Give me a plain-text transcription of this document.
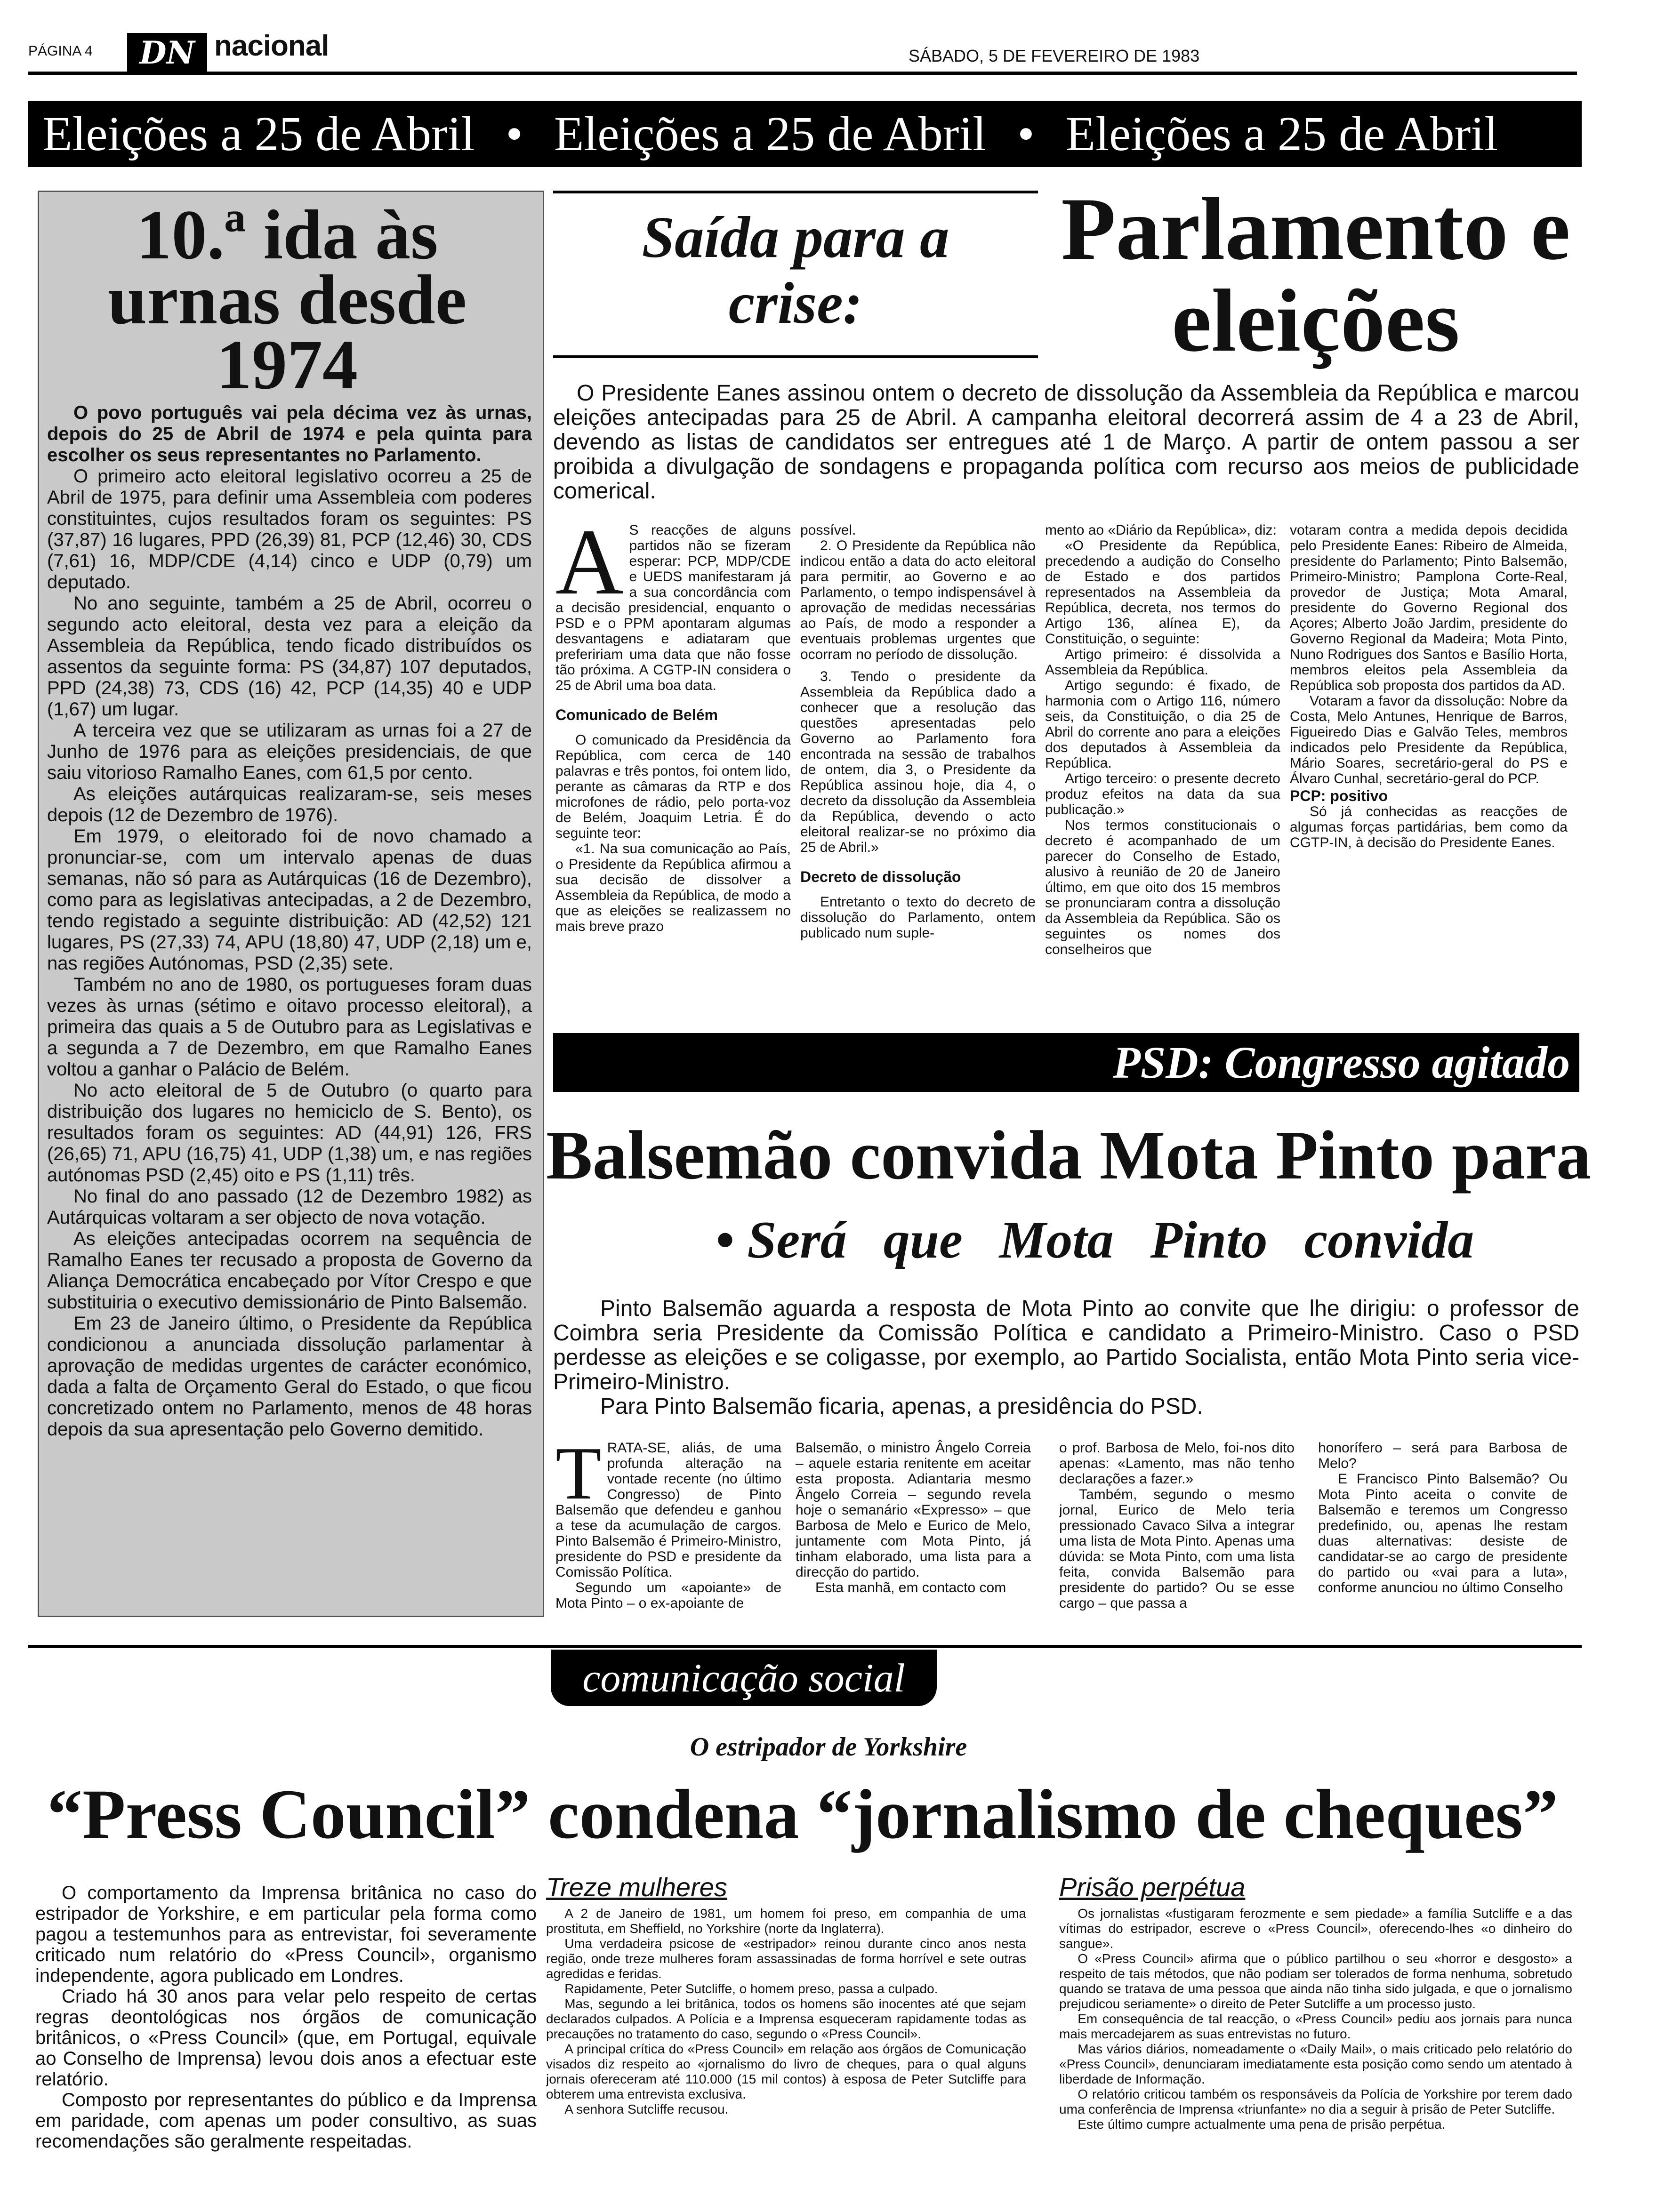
PÁGINA 4	DN nacional	SÁBADO, 5 DE FEVEREIRO DE 1983
Eleições a 25 de Abril • Eleições a 25 de Abril • Eleições a 25 de Abril
10.ª ida às urnas desde 1974

O povo português vai pela décima vez às urnas, depois do 25 de Abril de 1974 e pela quinta para escolher os seus representantes no Parlamento.

O primeiro acto eleitoral legislativo ocorreu a 25 de Abril de 1975, para definir uma Assembleia com poderes constituintes, cujos resultados foram os seguintes: PS (37,87) 16 lugares, PPD (26,39) 81, PCP (12,46) 30, CDS (7,61) 16, MDP/CDE (4,14) cinco e UDP (0,79) um deputado.

No ano seguinte, também a 25 de Abril, ocorreu o segundo acto eleitoral, desta vez para a eleição da Assembleia da República, tendo ficado distribuídos os assentos da seguinte forma: PS (34,87) 107 deputados, PPD (24,38) 73, CDS (16) 42, PCP (14,35) 40 e UDP (1,67) um lugar.

A terceira vez que se utilizaram as urnas foi a 27 de Junho de 1976 para as eleições presidenciais, de que saiu vitorioso Ramalho Eanes, com 61,5 por cento.

As eleições autárquicas realizaram-se, seis meses depois (12 de Dezembro de 1976).

Em 1979, o eleitorado foi de novo chamado a pronunciar-se, com um intervalo apenas de duas semanas, não só para as Autárquicas (16 de Dezembro), como para as legislativas antecipadas, a 2 de Dezembro, tendo registado a seguinte distribuição: AD (42,52) 121 lugares, PS (27,33) 74, APU (18,80) 47, UDP (2,18) um e, nas regiões Autónomas, PSD (2,35) sete.

Também no ano de 1980, os portugueses foram duas vezes às urnas (sétimo e oitavo processo eleitoral), a primeira das quais a 5 de Outubro para as Legislativas e a segunda a 7 de Dezembro, em que Ramalho Eanes voltou a ganhar o Palácio de Belém.

No acto eleitoral de 5 de Outubro (o quarto para distribuição dos lugares no hemiciclo de S. Bento), os resultados foram os seguintes: AD (44,91) 126, FRS (26,65) 71, APU (16,75) 41, UDP (1,38) um, e nas regiões autónomas PSD (2,45) oito e PS (1,11) três.

No final do ano passado (12 de Dezembro 1982) as Autárquicas voltaram a ser objecto de nova votação.

As eleições antecipadas ocorrem na sequência de Ramalho Eanes ter recusado a proposta de Governo da Aliança Democrática encabeçado por Vítor Crespo e que substituiria o executivo demissionário de Pinto Balsemão.

Em 23 de Janeiro último, o Presidente da República condicionou a anunciada dissolução parlamentar à aprovação de medidas urgentes de carácter económico, dada a falta de Orçamento Geral do Estado, o que ficou concretizado ontem no Parlamento, menos de 48 horas depois da sua apresentação pelo Governo demitido.

Saída para a crise:
Parlamento e eleições
O Presidente Eanes assinou ontem o decreto de dissolução da Assembleia da República e marcou eleições antecipadas para 25 de Abril. A campanha eleitoral decorrerá assim de 4 a 23 de Abril, devendo as listas de candidatos ser entregues até 1 de Março. A partir de ontem passou a ser proibida a divulgação de sondagens e propaganda política com recurso aos meios de publicidade comerical.

A S reacções de alguns partidos não se fizeram esperar: PCP, MDP/CDE e UEDS manifestaram já a sua concordância com a decisão presidencial, enquanto o PSD e o PPM apontaram algumas desvantagens e adiataram que prefeririam uma data que não fosse tão próxima. A CGTP-IN considera o 25 de Abril uma boa data.

Comunicado de Belém

O comunicado da Presidência da República, com cerca de 140 palavras e três pontos, foi ontem lido, perante as câmaras da RTP e dos microfones de rádio, pelo porta-voz de Belém, Joaquim Letria. É do seguinte teor:

«1. Na sua comunicação ao País, o Presidente da República afirmou a sua decisão de dissolver a Assembleia da República, de modo a que as eleições se realizassem no mais breve prazo

possível.

2. O Presidente da República não indicou então a data do acto eleitoral para permitir, ao Governo e ao Parlamento, o tempo indispensável à aprovação de medidas necessárias ao País, de modo a responder a eventuais problemas urgentes que ocorram no período de dissolução.

3. Tendo o presidente da Assembleia da República dado a conhecer que a resolução das questões apresentadas pelo Governo ao Parlamento fora encontrada na sessão de trabalhos de ontem, dia 3, o Presidente da República assinou hoje, dia 4, o decreto da dissolução da Assembleia da República, devendo o acto eleitoral realizar-se no próximo dia 25 de Abril.»

Decreto de dissolução

Entretanto o texto do decreto de dissolução do Parlamento, ontem publicado num suple-

mento ao «Diário da República», diz:

«O Presidente da República, precedendo a audição do Conselho de Estado e dos partidos representados na Assembleia da República, decreta, nos termos do Artigo 136, alínea E), da Constituição, o seguinte:

Artigo primeiro: é dissolvida a Assembleia da República.

Artigo segundo: é fixado, de harmonia com o Artigo 116, número seis, da Constituição, o dia 25 de Abril do corrente ano para a eleições dos deputados à Assembleia da República.

Artigo terceiro: o presente decreto produz efeitos na data da sua publicação.»

Nos termos constitucionais o decreto é acompanhado de um parecer do Conselho de Estado, alusivo à reunião de 20 de Janeiro último, em que oito dos 15 membros se pronunciaram contra a dissolução da Assembleia da República. São os seguintes os nomes dos conselheiros que

votaram contra a medida depois decidida pelo Presidente Eanes: Ribeiro de Almeida, presidente do Parlamento; Pinto Balsemão, Primeiro-Ministro; Pamplona Corte-Real, provedor de Justiça; Mota Amaral, presidente do Governo Regional dos Açores; Alberto João Jardim, presidente do Governo Regional da Madeira; Mota Pinto, Nuno Rodrigues dos Santos e Basílio Horta, membros eleitos pela Assembleia da República sob proposta dos partidos da AD.

Votaram a favor da dissolução: Nobre da Costa, Melo Antunes, Henrique de Barros, Figueiredo Dias e Galvão Teles, membros indicados pelo Presidente da República, Mário Soares, secretário-geral do PS e Álvaro Cunhal, secretário-geral do PCP.

PCP: positivo

Só já conhecidas as reacções de algumas forças partidárias, bem como da CGTP-IN, à decisão do Presidente Eanes.

PSD: Congresso agitado
Balsemão convida Mota Pinto para
• Será que Mota Pinto convida

Pinto Balsemão aguarda a resposta de Mota Pinto ao convite que lhe dirigiu: o professor de Coimbra seria Presidente da Comissão Política e candidato a Primeiro-Ministro. Caso o PSD perdesse as eleições e se coligasse, por exemplo, ao Partido Socialista, então Mota Pinto seria vice-Primeiro-Ministro.

Para Pinto Balsemão ficaria, apenas, a presidência do PSD.

TRATA-SE, aliás, de uma profunda alteração na vontade recente (no último Congresso) de Pinto Balsemão que defendeu e ganhou a tese da acumulação de cargos. Pinto Balsemão é Primeiro-Ministro, presidente do PSD e presidente da Comissão Política.

Segundo um «apoiante» de Mota Pinto – o ex-apoiante de

Balsemão, o ministro Ângelo Correia – aquele estaria renitente em aceitar esta proposta. Adiantaria mesmo Ângelo Correia – segundo revela hoje o semanário «Expresso» – que Barbosa de Melo e Eurico de Melo, juntamente com Mota Pinto, já tinham elaborado, uma lista para a direcção do partido.

Esta manhã, em contacto com

o prof. Barbosa de Melo, foi-nos dito apenas: «Lamento, mas não tenho declarações a fazer.»

Também, segundo o mesmo jornal, Eurico de Melo teria pressionado Cavaco Silva a integrar uma lista de Mota Pinto. Apenas uma dúvida: se Mota Pinto, com uma lista feita, convida Balsemão para presidente do partido? Ou se esse cargo – que passa a

honorífero – será para Barbosa de Melo?

E Francisco Pinto Balsemão? Ou Mota Pinto aceita o convite de Balsemão e teremos um Congresso predefinido, ou, apenas lhe restam duas alternativas: desiste de candidatar-se ao cargo de presidente do partido ou «vai para a luta», conforme anunciou no último Conselho

comunicação social
O estripador de Yorkshire
“Press Council” condena “jornalismo de cheques”

O comportamento da Imprensa britânica no caso do estripador de Yorkshire, e em particular pela forma como pagou a testemunhos para as entrevistar, foi severamente criticado num relatório do «Press Council», organismo independente, agora publicado em Londres.

Criado há 30 anos para velar pelo respeito de certas regras deontológicas nos órgãos de comunicação britânicos, o «Press Council» (que, em Portugal, equivale ao Conselho de Imprensa) levou dois anos a efectuar este relatório.

Composto por representantes do público e da Imprensa em paridade, com apenas um poder consultivo, as suas recomendações são geralmente respeitadas.

Treze mulheres

A 2 de Janeiro de 1981, um homem foi preso, em companhia de uma prostituta, em Sheffield, no Yorkshire (norte da Inglaterra).

Uma verdadeira psicose de «estripador» reinou durante cinco anos nesta região, onde treze mulheres foram assassinadas de forma horrível e sete outras agredidas e feridas.

Rapidamente, Peter Sutcliffe, o homem preso, passa a culpado.

Mas, segundo a lei britânica, todos os homens são inocentes até que sejam declarados culpados. A Polícia e a Imprensa esqueceram rapidamente todas as precauções no tratamento do caso, segundo o «Press Council».

A principal crítica do «Press Council» em relação aos órgãos de Comunicação visados diz respeito ao «jornalismo do livro de cheques, para o qual alguns jornais ofereceram até 110.000 (15 mil contos) à esposa de Peter Sutcliffe para obterem uma entrevista exclusiva.

A senhora Sutcliffe recusou.

Prisão perpétua

Os jornalistas «fustigaram ferozmente e sem piedade» a família Sutcliffe e a das vítimas do estripador, escreve o «Press Council», oferecendo-lhes «o dinheiro do sangue».

O «Press Council» afirma que o público partilhou o seu «horror e desgosto» a respeito de tais métodos, que não podiam ser tolerados de forma nenhuma, sobretudo quando se tratava de uma pessoa que ainda não tinha sido julgada, e que o jornalismo prejudicou seriamente» o direito de Peter Sutcliffe a um processo justo.

Em consequência de tal reacção, o «Press Council» pediu aos jornais para nunca mais mercadejarem as suas entrevistas no futuro.

Mas vários diários, nomeadamente o «Daily Mail», o mais criticado pelo relatório do «Press Council», denunciaram imediatamente esta posição como sendo um atentado à liberdade de Informação.

O relatório criticou também os responsáveis da Polícia de Yorkshire por terem dado uma conferência de Imprensa «triunfante» no dia a seguir à prisão de Peter Sutcliffe.

Este último cumpre actualmente uma pena de prisão perpétua.
